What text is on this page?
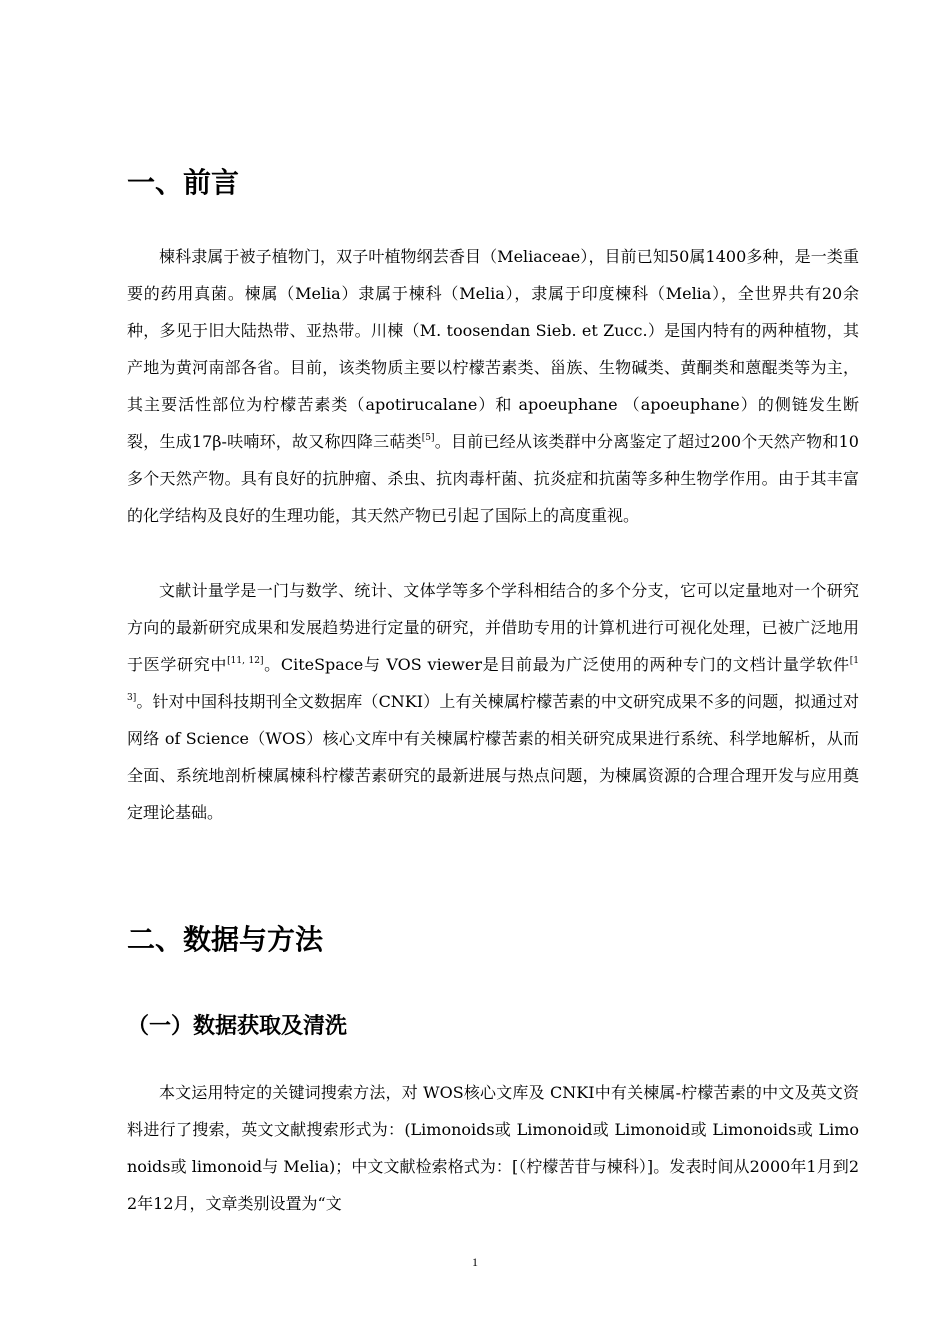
一、前言

楝科隶属于被子植物门，双子叶植物纲芸香目（Meliaceae），目前已知50属1400多种，是一类重要的药用真菌。楝属（Melia）隶属于楝科（Melia），隶属于印度楝科（Melia），全世界共有20余种，多见于旧大陆热带、亚热带。川楝（M. toosendan Sieb. et Zucc.）是国内特有的两种植物，其产地为黄河南部各省。目前，该类物质主要以柠檬苦素类、甾族、生物碱类、黄酮类和蒽醌类等为主，其主要活性部位为柠檬苦素类（apotirucalane）和 apoeuphane （apoeuphane）的侧链发生断裂，生成17β-呋喃环，故又称四降三萜类[5]。目前已经从该类群中分离鉴定了超过200个天然产物和10多个天然产物。具有良好的抗肿瘤、杀虫、抗肉毒杆菌、抗炎症和抗菌等多种生物学作用。由于其丰富的化学结构及良好的生理功能，其天然产物已引起了国际上的高度重视。

文献计量学是一门与数学、统计、文体学等多个学科相结合的多个分支，它可以定量地对一个研究方向的最新研究成果和发展趋势进行定量的研究，并借助专用的计算机进行可视化处理，已被广泛地用于医学研究中[11, 12]。CiteSpace与 VOS viewer是目前最为广泛使用的两种专门的文档计量学软件[13]。针对中国科技期刊全文数据库（CNKI）上有关楝属柠檬苦素的中文研究成果不多的问题，拟通过对网络 of Science（WOS）核心文库中有关楝属柠檬苦素的相关研究成果进行系统、科学地解析，从而全面、系统地剖析楝属楝科柠檬苦素研究的最新进展与热点问题，为楝属资源的合理合理开发与应用奠定理论基础。

二、数据与方法
（一）数据获取及清洗

本文运用特定的关键词搜索方法，对 WOS核心文库及 CNKI中有关楝属-柠檬苦素的中文及英文资料进行了搜索，英文文献搜索形式为：(Limonoids或 Limonoid或 Limonoid或 Limonoids或 Limonoids或 limonoid与 Melia)；中文文献检索格式为：[（柠檬苦苷与楝科）]。发表时间从2000年1月到22年12月，文章类别设置为“文

1
